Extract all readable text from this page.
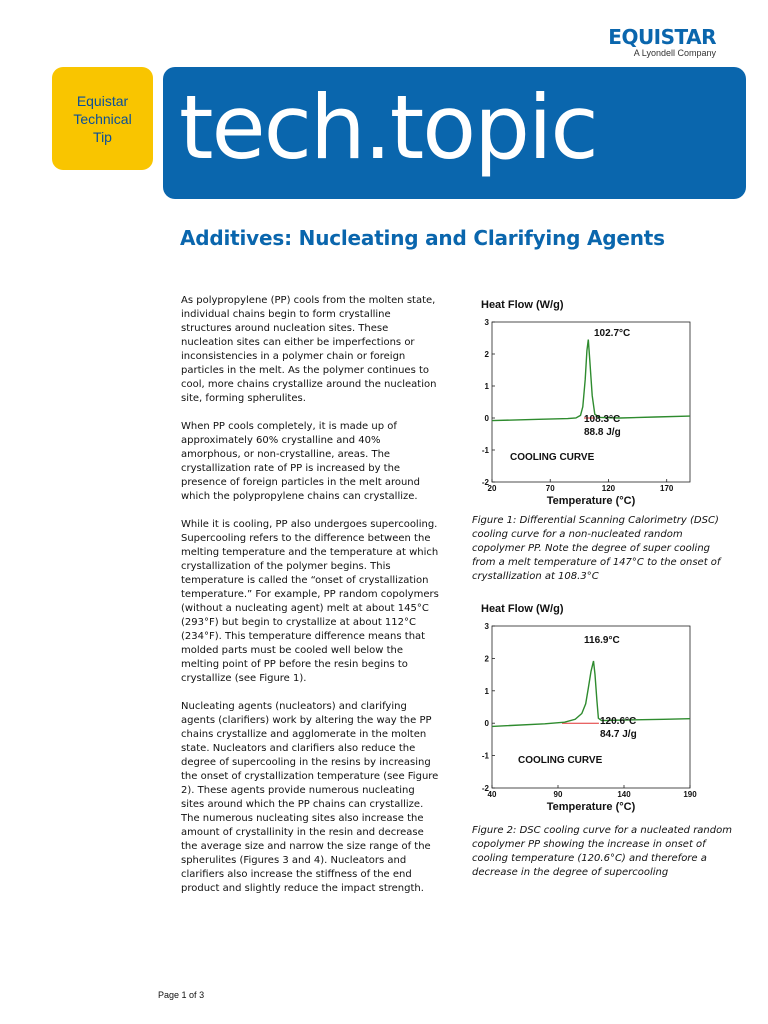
EQUISTAR
A Lyondell Company
Equistar
Technical
Tip tech.topic
Additives: Nucleating and Clarifying Agents

As polypropylene (PP) cools from the molten state, individual chains begin to form crystalline structures around nucleation sites. These nucleation sites can either be imperfections or inconsistencies in a polymer chain or foreign particles in the melt. As the polymer continues to cool, more chains crystallize around the nucleation site, forming spherulites.

When PP cools completely, it is made up of approximately 60% crystalline and 40% amorphous, or non-crystalline, areas. The crystallization rate of PP is increased by the presence of foreign particles in the melt around which the polypropylene chains can crystallize.

While it is cooling, PP also undergoes supercooling. Supercooling refers to the difference between the melting temperature and the temperature at which crystallization of the polymer begins. This temperature is called the “onset of crystallization temperature.” For example, PP random copolymers (without a nucleating agent) melt at about 145°C (293°F) but begin to crystallize at about 112°C (234°F). This temperature difference means that molded parts must be cooled well below the melting point of PP before the resin begins to crystallize (see Figure 1).

Nucleating agents (nucleators) and clarifying agents (clarifiers) work by altering the way the PP chains crystallize and agglomerate in the molten state. Nucleators and clarifiers also reduce the degree of supercooling in the resins by increasing the onset of crystallization temperature (see Figure 2). These agents provide numerous nucleating sites around which the PP chains can crystallize. The numerous nucleating sites also increase the amount of crystallinity in the resin and decrease the average size and narrow the size range of the spherulites (Figures 3 and 4). Nucleators and clarifiers also increase the stiffness of the end product and slightly reduce the impact strength.

Heat Flow (W/g)
3
2
1
0
-1
-2
20	70	120	170
Temperature (°C)
102.7°C
108.3°C
88.8 J/g
COOLING CURVE
Figure 1: Differential Scanning Calorimetry (DSC) cooling curve for a non-nucleated random copolymer PP. Note the degree of super cooling from a melt temperature of 147°C to the onset of crystallization at 108.3°C
Heat Flow (W/g)
3
2
1
0
-1
-2
40	90	140	190
Temperature (°C)
116.9°C
120.6°C
84.7 J/g
COOLING CURVE
Figure 2: DSC cooling curve for a nucleated random copolymer PP showing the increase in onset of cooling temperature (120.6°C) and therefore a decrease in the degree of supercooling
Page 1 of 3
